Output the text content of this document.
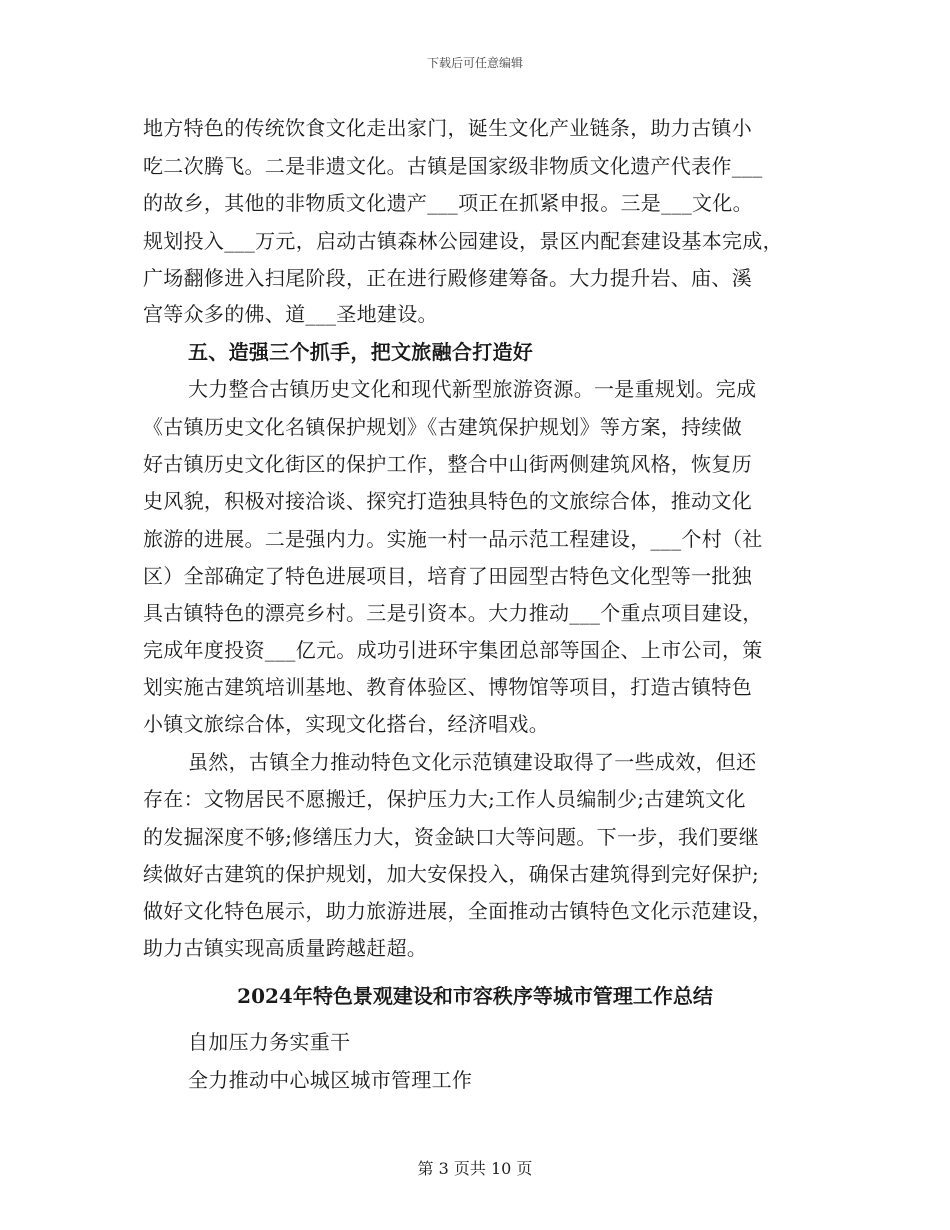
下载后可任意编辑
地方特色的传统饮食文化走出家门，诞生文化产业链条，助力古镇小
吃二次腾飞。二是非遗文化。古镇是国家级非物质文化遗产代表作___
的故乡，其他的非物质文化遗产___项正在抓紧申报。三是___文化。
规划投入___万元，启动古镇森林公园建设，景区内配套建设基本完成，
广场翻修进入扫尾阶段，正在进行殿修建筹备。大力提升岩、庙、溪
宫等众多的佛、道___圣地建设。
五、造强三个抓手，把文旅融合打造好
大力整合古镇历史文化和现代新型旅游资源。一是重规划。完成
《古镇历史文化名镇保护规划》《古建筑保护规划》等方案，持续做
好古镇历史文化街区的保护工作，整合中山街两侧建筑风格，恢复历
史风貌，积极对接洽谈、探究打造独具特色的文旅综合体，推动文化
旅游的进展。二是强内力。实施一村一品示范工程建设，___个村（社
区）全部确定了特色进展项目，培育了田园型古特色文化型等一批独
具古镇特色的漂亮乡村。三是引资本。大力推动___个重点项目建设，
完成年度投资___亿元。成功引进环宇集团总部等国企、上市公司，策
划实施古建筑培训基地、教育体验区、博物馆等项目，打造古镇特色
小镇文旅综合体，实现文化搭台，经济唱戏。
虽然，古镇全力推动特色文化示范镇建设取得了一些成效，但还
存在：文物居民不愿搬迁，保护压力大;工作人员编制少;古建筑文化
的发掘深度不够;修缮压力大，资金缺口大等问题。下一步，我们要继
续做好古建筑的保护规划，加大安保投入，确保古建筑得到完好保护;
做好文化特色展示，助力旅游进展，全面推动古镇特色文化示范建设，
助力古镇实现高质量跨越赶超。
2024年特色景观建设和市容秩序等城市管理工作总结
自加压力务实重干
全力推动中心城区城市管理工作
第 3 页共 10 页
